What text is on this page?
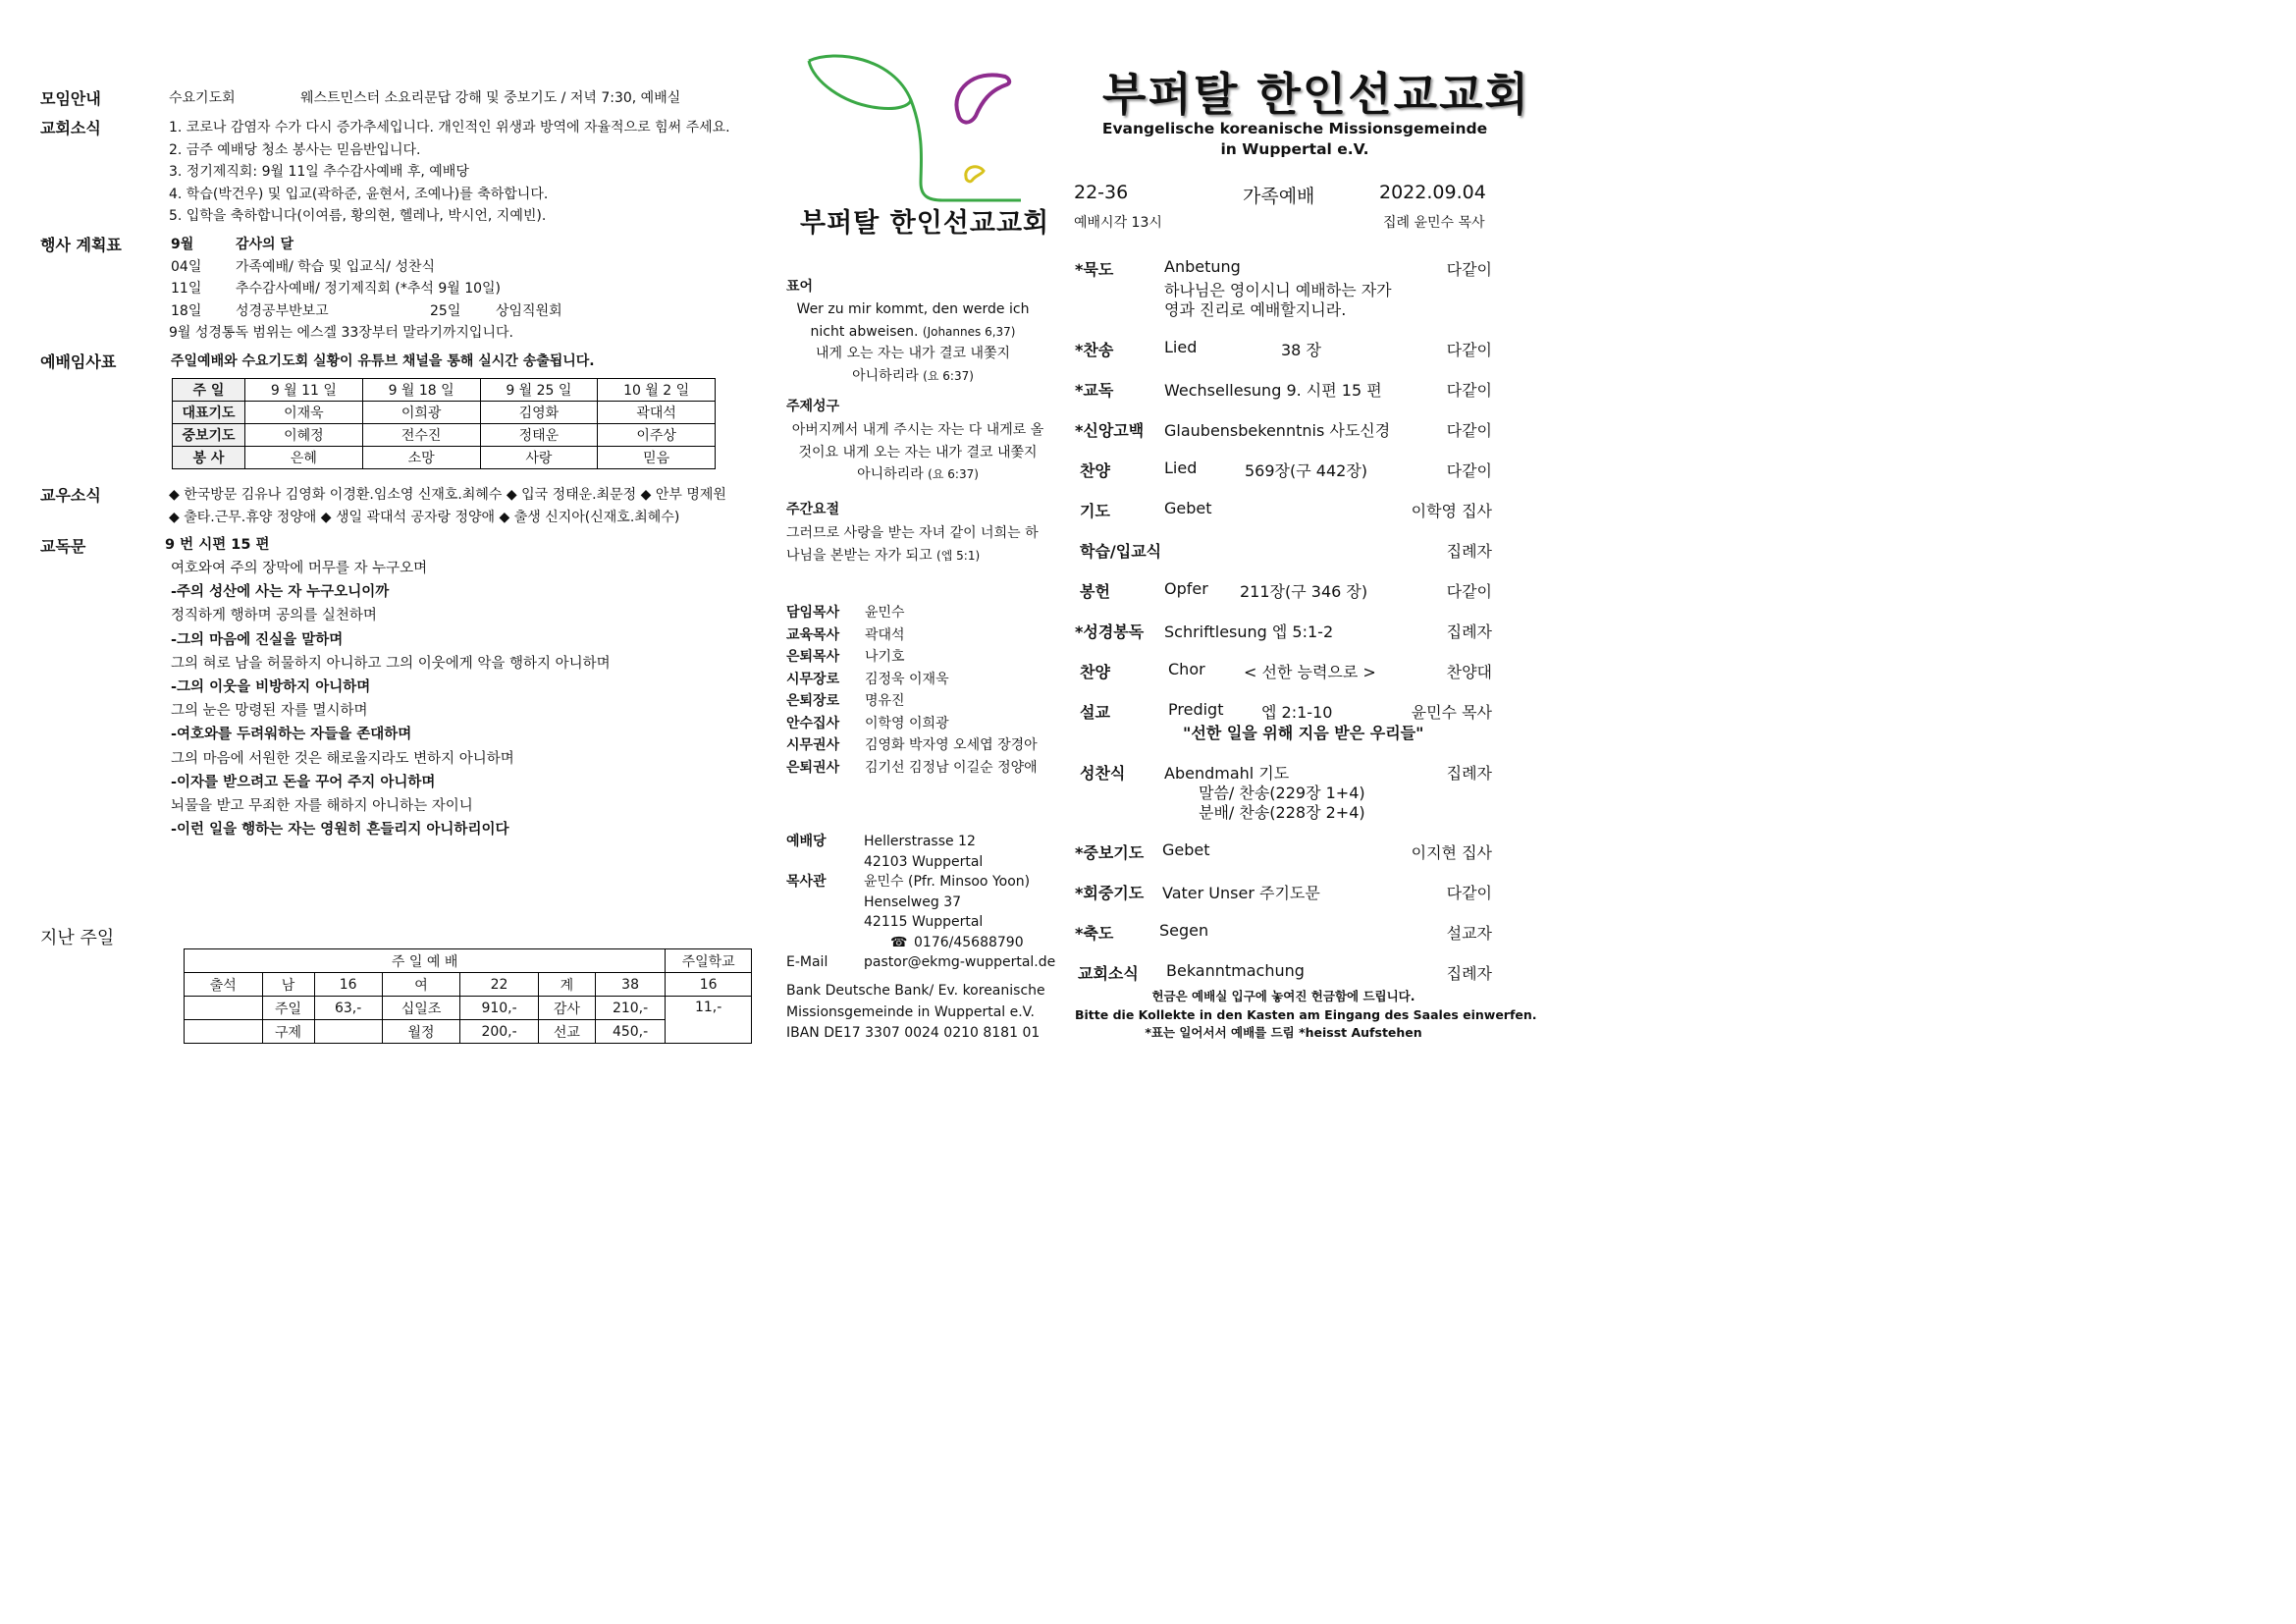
모임안내	수요기도회	웨스트민스터 소요리문답 강해 및 중보기도 / 저녁 7:30, 예배실
교회소식	1. 코로나 감염자 수가 다시 증가추세입니다. 개인적인 위생과 방역에 자율적으로 힘써 주세요.
2. 금주 예배당 청소 봉사는 믿음반입니다.
3. 정기제직회: 9월 11일 추수감사예배 후, 예배당
4. 학습(박건우) 및 입교(곽하준, 윤현서, 조예나)를 축하합니다.
5. 입학을 축하합니다(이여름, 황의현, 헬레나, 박시언, 지예빈).
행사 계획표	9월	감사의 달
04일 가족예배/ 학습 및 입교식/ 성찬식
11일 추수감사예배/ 정기제직회 (*추석 9월 10일)
18일 성경공부반보고	25일	상임직원회
9월 성경통독 범위는 에스겔 33장부터 말라기까지입니다.
예배임사표	주일예배와 수요기도회 실황이 유튜브 채널을 통해 실시간 송출됩니다.
주 일	9 월 11 일	9 월 18 일	9 월 25 일	10 월 2 일
대표기도	이재욱	이희광	김영화	곽대석
중보기도	이혜정	전수진	정태운	이주상
봉 사	은혜	소망	사랑	믿음
교우소식	◆ 한국방문 김유나 김영화 이경환.임소영 신재호.최혜수 ◆ 입국 정태운.최문정 ◆ 안부 명제원
◆ 출타.근무.휴양 정양애 ◆ 생일 곽대석 공자랑 정양애 ◆ 출생 신지아(신재호.최혜수)
교독문	9 번 시편 15 편
여호와여 주의 장막에 머무를 자 누구오며
-주의 성산에 사는 자 누구오니이까
정직하게 행하며 공의를 실천하며
-그의 마음에 진실을 말하며
그의 혀로 남을 허물하지 아니하고 그의 이웃에게 악을 행하지 아니하며
-그의 이웃을 비방하지 아니하며
그의 눈은 망령된 자를 멸시하며
-여호와를 두려워하는 자들을 존대하며
그의 마음에 서원한 것은 해로울지라도 변하지 아니하며
-이자를 받으려고 돈을 꾸어 주지 아니하며
뇌물을 받고 무죄한 자를 해하지 아니하는 자이니
-이런 일을 행하는 자는 영원히 흔들리지 아니하리이다
지난 주일
주 일 예 배							주일학교
출석	남	16	여	22	계	38	16
	주일	63,-	십일조	910,-	감사	210,-	11,-
	구제		월정	200,-	선교	450,-	
부퍼탈 한인선교교회
표어
Wer zu mir kommt, den werde ich
nicht abweisen. (Johannes 6,37)
내게 오는 자는 내가 결코 내쫓지
아니하리라 (요 6:37)
주제성구
아버지께서 내게 주시는 자는 다 내게로 올
것이요 내게 오는 자는 내가 결코 내쫓지
아니하리라 (요 6:37)
주간요절
그러므로 사랑을 받는 자녀 같이 너희는 하
나님을 본받는 자가 되고 (엡 5:1)
담임목사 윤민수
교육목사 곽대석
은퇴목사 나기호
시무장로 김정욱 이재욱
은퇴장로 명유진
안수집사 이학영 이희광
시무권사 김영화 박자영 오세엽 장경아
은퇴권사 김기선 김정남 이길순 정양애
예배당	Hellerstrasse 12
42103 Wuppertal
목사관	윤민수 (Pfr. Minsoo Yoon)
Henselweg 37
42115 Wuppertal
☎ 0176/45688790
E-Mail	pastor@ekmg-wuppertal.de
Bank Deutsche Bank/ Ev. koreanische
Missionsgemeinde in Wuppertal e.V.
IBAN DE17 3307 0024 0210 8181 01
부퍼탈 한인선교교회
Evangelische koreanische Missionsgemeinde
in Wuppertal e.V.
22-36	가족예배	2022.09.04
예배시각 13시	집례 윤민수 목사
*묵도	Anbetung	다같이
하나님은 영이시니 예배하는 자가
영과 진리로 예배할지니라.
*찬송	Lied	38 장	다같이
*교독	Wechsellesung 9. 시편 15 편	다같이
*신앙고백 Glaubensbekenntnis 사도신경	다같이
찬양	Lied	569장(구 442장)	다같이
기도	Gebet	이학영 집사
학습/입교식	집례자
봉헌	Opfer 211장(구 346 장)	다같이
*성경봉독 Schriftlesung 엡 5:1-2	집례자
찬양	Chor < 선한 능력으로 >	찬양대
설교	Predigt 엡 2:1-10	윤민수 목사
"선한 일을 위해 지음 받은 우리들"
성찬식 Abendmahl 기도	집례자
말씀/ 찬송(229장 1+4)
분배/ 찬송(228장 2+4)
*중보기도 Gebet	이지현 집사
*회중기도 Vater Unser 주기도문	다같이
*축도	Segen	설교자
교회소식 Bekanntmachung	집례자
헌금은 예배실 입구에 놓여진 헌금함에 드립니다.
Bitte die Kollekte in den Kasten am Eingang des Saales einwerfen.
*표는 일어서서 예배를 드림 *heisst Aufstehen
